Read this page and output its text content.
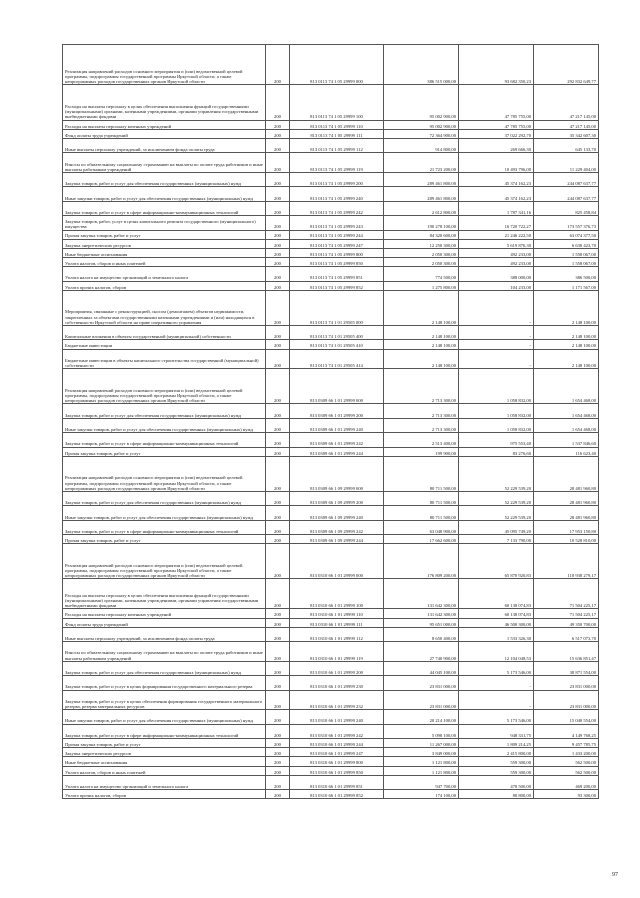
Реализация направлений расходов основного мероприятия и (или) ведомственной целевой программы, подпрограммы государственной программы Иркутской области, а также непрограммных расходов государственных органов Иркутской области	200	813 0113 74 1 05 29999 000	386 515 000,00	93 682 350,23	292 832 649,77
Расходы на выплаты персоналу в целях обеспечения выполнения функций государственными (муниципальными) органами, казенными учреждениями, органами управления государственными внебюджетными фондами	200	813 0113 74 1 05 29999 100	95 002 900,00	47 785 755,00	47 217 145,00
Расходы на выплаты персоналу казенных учреждений	200	813 0113 74 1 05 29999 110	95 002 900,00	47 785 755,00	47 217 145,00
Фонд оплаты труда учреждений	200	813 0113 74 1 05 29999 111	72 364 900,00	37 022 292,70	35 342 607,30
Иные выплаты персоналу учреждений, за исключением фонда оплаты труда	200	813 0113 74 1 05 29999 112	914 800,00	269 666,30	645 133,70
Взносы по обязательному социальному страхованию на выплаты по оплате труда работников и иные выплаты работникам учреждений	200	813 0113 74 1 05 29999 119	21 723 200,00	10 493 796,00	11 229 404,00
Закупка товаров, работ и услуг для обеспечения государственных (муниципальных) нужд	200	813 0113 74 1 05 29999 200	289 461 800,00	45 374 162,23	244 087 637,77
Иные закупки товаров, работ и услуг для обеспечения государственных (муниципальных) нужд	200	813 0113 74 1 05 29999 240	289 461 800,00	45 374 162,23	244 087 637,77
Закупка товаров, работ и услуг в сфере информационно-коммуникационных технологий	200	813 0113 74 1 05 29999 242	2 612 800,00	1 787 341,16	825 458,84
Закупка товаров, работ, услуг в целях капитального ремонта государственного (муниципального) имущества	200	813 0113 74 1 05 29999 243	190 278 100,00	16 720 722,27	173 557 376,73
Прочая закупка товаров, работ и услуг	200	813 0113 74 1 05 29999 244	84 320 600,00	21 246 222,50	63 074 377,50
Закупка энергетических ресурсов	200	813 0113 74 1 05 29999 247	12 250 300,00	5 619 876,30	6 630 423,70
Иные бюджетные ассигнования	200	813 0113 74 1 05 29999 800	2 050 300,00	492 233,00	1 558 067,00
Уплата налогов, сборов и иных платежей	200	813 0113 74 1 05 29999 850	2 050 300,00	492 233,00	1 558 067,00
Уплата налога на имущество организаций и земельного налога	200	813 0113 74 1 05 29999 851	774 500,00	388 000,00	386 500,00
Уплата прочих налогов, сборов	200	813 0113 74 1 05 29999 852	1 275 800,00	104 233,00	1 171 567,00
Мероприятия, связанные с реконструкцией, сносом (демонтажем) объектов недвижимости, закрепленных за объектами государственными казенными учреждениями и (или) находящихся в собственности Иркутской области на праве оперативного управления	200	813 0113 74 1 01 29505 000	2 148 100,00	-	2 148 100,00
Капитальные вложения в объекты государственной (муниципальной) собственности	200	813 0113 74 1 01 29505 400	2 148 100,00	-	2 148 100,00
Бюджетные инвестиции	200	813 0113 74 1 01 29505 410	2 148 100,00	-	2 148 100,00
Бюджетные инвестиции в объекты капитального строительства государственной (муниципальной) собственности	200	813 0113 74 1 01 29505 414	2 148 100,00	-	2 148 100,00
Реализация направлений расходов основного мероприятия и (или) ведомственной целевой программы, подпрограммы государственной программы Иркутской области, а также непрограммных расходов государственных органов Иркутской области	200	813 0309 66 1 01 29999 000	2 713 300,00	1 058 832,00	1 654 468,00
Закупка товаров, работ и услуг для обеспечения государственных (муниципальных) нужд	200	813 0309 66 1 01 29999 200	2 713 300,00	1 058 832,00	1 654 468,00
Иные закупки товаров, работ и услуг для обеспечения государственных (муниципальных) нужд	200	813 0309 66 1 01 29999 240	2 713 300,00	1 058 832,00	1 654 468,00
Закупка товаров, работ и услуг в сфере информационно-коммуникационных технологий	200	813 0309 66 1 01 29999 242	2 513 400,00	975 553,40	1 537 846,60
Прочая закупка товаров, работ и услуг	200	813 0309 66 1 01 29999 244	199 900,00	83 276,60	116 623,40
Реализация направлений расходов основного мероприятия и (или) ведомственной целевой программы, подпрограммы государственной программы Иркутской области, а также непрограммных расходов государственных органов Иркутской области	200	813 0309 66 1 09 29999 000	80 711 500,00	52 229 539,20	28 481 960,80
Закупка товаров, работ и услуг для обеспечения государственных (муниципальных) нужд	200	813 0309 66 1 09 29999 200	80 711 500,00	52 229 539,20	28 481 960,80
Иные закупки товаров, работ и услуг для обеспечения государственных (муниципальных) нужд	200	813 0309 66 1 09 29999 240	80 711 500,00	52 229 539,20	28 481 960,80
Закупка товаров, работ и услуг в сфере информационно-коммуникационных технологий	200	813 0309 66 1 09 29999 242	63 048 900,00	45 095 749,20	17 953 150,80
Прочая закупка товаров, работ и услуг	200	813 0309 66 1 09 29999 244	17 662 600,00	7 133 790,00	10 528 810,00
Реализация направлений расходов основного мероприятия и (или) ведомственной целевой программы, подпрограммы государственной программы Иркутской области, а также непрограммных расходов государственных органов Иркутской области	200	813 0310 66 1 01 29999 000	176 809 200,00	65 870 920,83	110 938 279,17
Расходы на выплаты персоналу в целях обеспечения выполнения функций государственными (муниципальными) органами, казенными учреждениями, органами управления государственными внебюджетными фондами	200	813 0310 66 1 01 29999 100	131 642 300,00	60 138 074,83	71 504 225,17
Расходы на выплаты персоналу казенных учреждений	200	813 0310 66 1 01 29999 110	131 642 300,00	60 138 074,83	71 504 225,17
Фонд оплаты труда учреждений	200	813 0310 66 1 01 29999 111	95 651 000,00	46 500 300,00	49 350 700,00
Иные выплаты персоналу учреждений, за исключением фонда оплаты труда	200	813 0310 66 1 01 29999 112	8 650 400,00	1 533 326,30	6 517 073,70
Взносы по обязательному социальному страхованию на выплаты по оплате труда работников и иные выплаты работникам учреждений	200	813 0310 66 1 01 29999 119	27 740 900,00	12 104 048,53	15 636 851,47
Закупка товаров, работ и услуг для обеспечения государственных (муниципальных) нужд	200	813 0310 66 1 01 29999 200	44 045 100,00	5 173 546,00	38 871 554,00
Закупка товаров, работ и услуг в целях формирования государственного материального резерва	200	813 0310 66 1 01 29999 230	23 831 000,00	-	23 831 000,00
Закупка товаров, работ и услуг в целях обеспечения формирования государственного материального резерва, резерва материальных ресурсов	200	813 0310 66 1 01 29999 232	23 831 000,00	-	23 831 000,00
Иные закупки товаров, работ и услуг для обеспечения государственных (муниципальных) нужд	200	813 0310 66 1 01 29999 240	20 214 100,00	5 173 546,00	15 040 554,00
Закупка товаров, работ и услуг в сфере информационно-коммуникационных технологий	200	813 0310 66 1 01 29999 242	5 098 100,00	948 331,75	4 149 768,25
Прочая закупка товаров, работ и услуг	200	813 0310 66 1 01 29999 244	11 267 000,00	1 809 214,25	9 457 785,75
Закупка энергетических ресурсов	200	813 0310 66 1 01 29999 247	3 849 000,00	2 415 800,00	1 433 200,00
Иные бюджетные ассигнования	200	813 0310 66 1 01 29999 800	1 121 800,00	559 300,00	562 500,00
Уплата налогов, сборов и иных платежей	200	813 0310 66 1 01 29999 850	1 121 800,00	559 300,00	562 500,00
Уплата налога на имущество организаций и земельного налога	200	813 0310 66 1 01 29999 851	947 700,00	478 500,00	469 200,00
Уплата прочих налогов, сборов	200	813 0310 66 1 01 29999 852	174 100,00	80 800,00	93 300,00
97
